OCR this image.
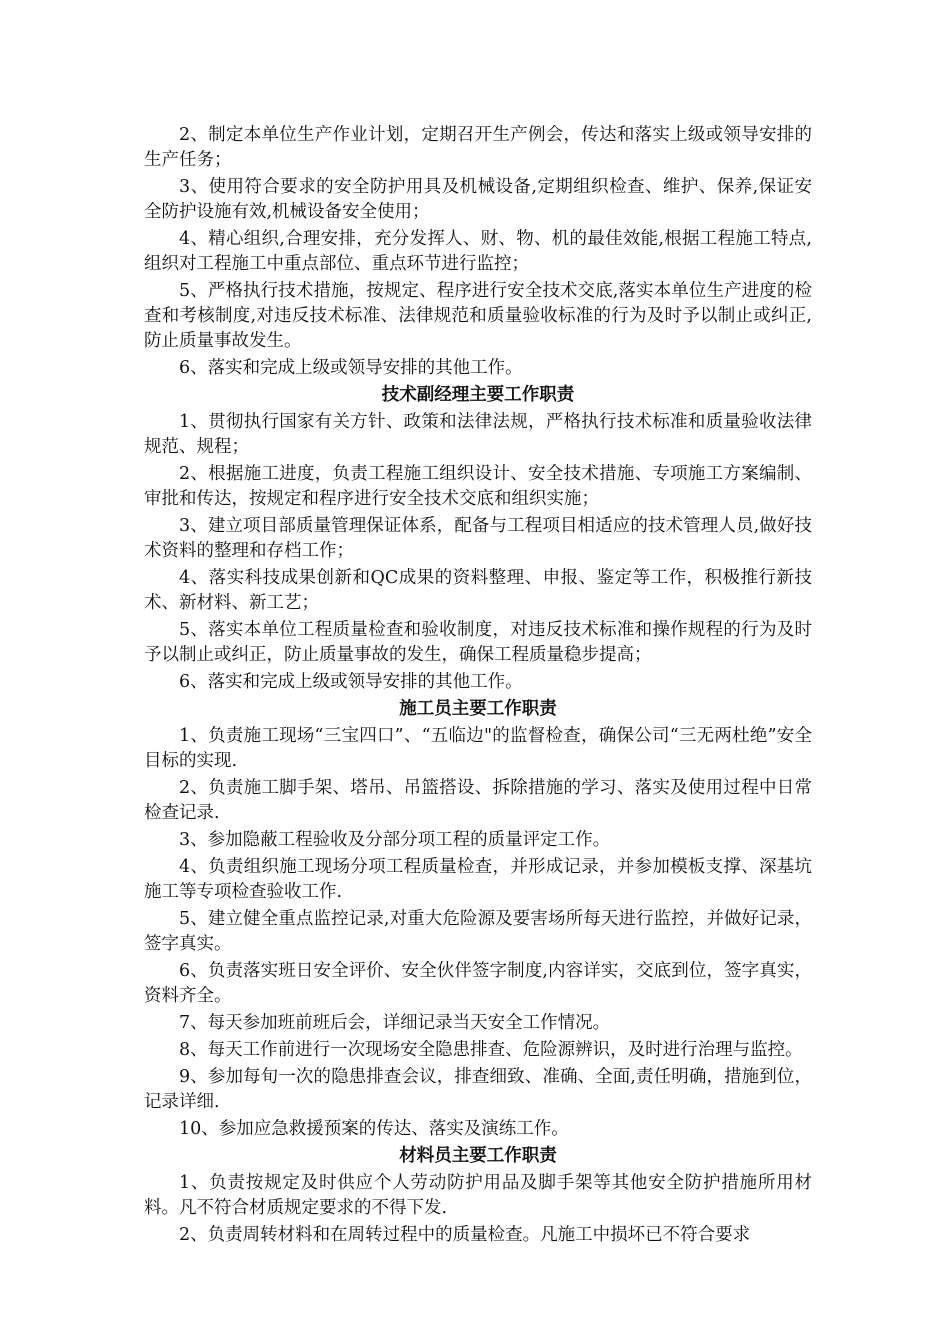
2、制定本单位生产作业计划，定期召开生产例会，传达和落实上级或领导安排的生产任务；

3、使用符合要求的安全防护用具及机械设备,定期组织检查、维护、保养,保证安全防护设施有效,机械设备安全使用；

4、精心组织,合理安排，充分发挥人、财、物、机的最佳效能,根据工程施工特点,组织对工程施工中重点部位、重点环节进行监控；

5、严格执行技术措施，按规定、程序进行安全技术交底,落实本单位生产进度的检查和考核制度,对违反技术标准、法律规范和质量验收标准的行为及时予以制止或纠正,防止质量事故发生。

6、落实和完成上级或领导安排的其他工作。

技术副经理主要工作职责

1、贯彻执行国家有关方针、政策和法律法规，严格执行技术标准和质量验收法律规范、规程；

2、根据施工进度，负责工程施工组织设计、安全技术措施、专项施工方案编制、审批和传达，按规定和程序进行安全技术交底和组织实施；

3、建立项目部质量管理保证体系，配备与工程项目相适应的技术管理人员,做好技术资料的整理和存档工作；

4、落实科技成果创新和QC成果的资料整理、申报、鉴定等工作，积极推行新技术、新材料、新工艺；

5、落实本单位工程质量检查和验收制度，对违反技术标准和操作规程的行为及时予以制止或纠正，防止质量事故的发生，确保工程质量稳步提高；

6、落实和完成上级或领导安排的其他工作。

施工员主要工作职责

1、负责施工现场“三宝四口”、“五临边"的监督检查，确保公司“三无两杜绝”安全目标的实现.

2、负责施工脚手架、塔吊、吊篮搭设、拆除措施的学习、落实及使用过程中日常检查记录.

3、参加隐蔽工程验收及分部分项工程的质量评定工作。

4、负责组织施工现场分项工程质量检查，并形成记录，并参加模板支撑、深基坑施工等专项检查验收工作.

5、建立健全重点监控记录,对重大危险源及要害场所每天进行监控，并做好记录，签字真实。

6、负责落实班日安全评价、安全伙伴签字制度,内容详实，交底到位，签字真实，资料齐全。

7、每天参加班前班后会，详细记录当天安全工作情况。

8、每天工作前进行一次现场安全隐患排查、危险源辨识，及时进行治理与监控。

9、参加每旬一次的隐患排查会议，排查细致、准确、全面,责任明确，措施到位，记录详细.

10、参加应急救援预案的传达、落实及演练工作。

材料员主要工作职责

1、负责按规定及时供应个人劳动防护用品及脚手架等其他安全防护措施所用材料。凡不符合材质规定要求的不得下发.

2、负责周转材料和在周转过程中的质量检查。凡施工中损坏已不符合要求
